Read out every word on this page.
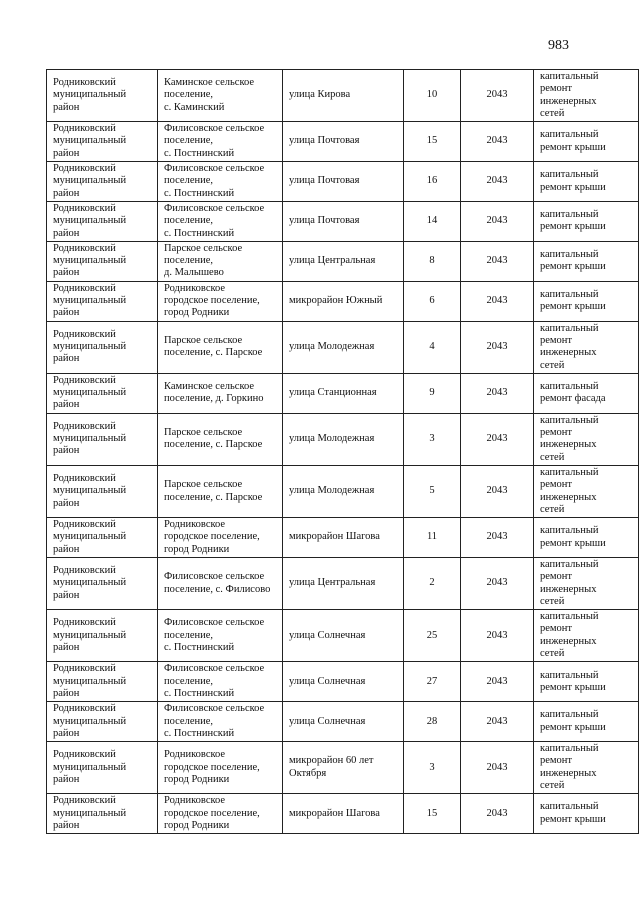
983
Родниковский
муниципальный
район	Каминское сельское
поселение,
с. Каминский	улица Кирова	10	2043	капитальный
ремонт
инженерных
сетей
Родниковский
муниципальный
район	Филисовское сельское
поселение,
с. Постнинский	улица Почтовая	15	2043	капитальный
ремонт крыши
Родниковский
муниципальный
район	Филисовское сельское
поселение,
с. Постнинский	улица Почтовая	16	2043	капитальный
ремонт крыши
Родниковский
муниципальный
район	Филисовское сельское
поселение,
с. Постнинский	улица Почтовая	14	2043	капитальный
ремонт крыши
Родниковский
муниципальный
район	Парское сельское
поселение,
д. Малышево	улица Центральная	8	2043	капитальный
ремонт крыши
Родниковский
муниципальный
район	Родниковское
городское поселение,
город Родники	микрорайон Южный	6	2043	капитальный
ремонт крыши
Родниковский
муниципальный
район	Парское сельское
поселение, с. Парское	улица Молодежная	4	2043	капитальный
ремонт
инженерных
сетей
Родниковский
муниципальный
район	Каминское сельское
поселение, д. Горкино	улица Станционная	9	2043	капитальный
ремонт фасада
Родниковский
муниципальный
район	Парское сельское
поселение, с. Парское	улица Молодежная	3	2043	капитальный
ремонт
инженерных
сетей
Родниковский
муниципальный
район	Парское сельское
поселение, с. Парское	улица Молодежная	5	2043	капитальный
ремонт
инженерных
сетей
Родниковский
муниципальный
район	Родниковское
городское поселение,
город Родники	микрорайон Шагова	11	2043	капитальный
ремонт крыши
Родниковский
муниципальный
район	Филисовское сельское
поселение, с. Филисово	улица Центральная	2	2043	капитальный
ремонт
инженерных
сетей
Родниковский
муниципальный
район	Филисовское сельское
поселение,
с. Постнинский	улица Солнечная	25	2043	капитальный
ремонт
инженерных
сетей
Родниковский
муниципальный
район	Филисовское сельское
поселение,
с. Постнинский	улица Солнечная	27	2043	капитальный
ремонт крыши
Родниковский
муниципальный
район	Филисовское сельское
поселение,
с. Постнинский	улица Солнечная	28	2043	капитальный
ремонт крыши
Родниковский
муниципальный
район	Родниковское
городское поселение,
город Родники	микрорайон 60 лет
Октября	3	2043	капитальный
ремонт
инженерных
сетей
Родниковский
муниципальный
район	Родниковское
городское поселение,
город Родники	микрорайон Шагова	15	2043	капитальный
ремонт крыши
